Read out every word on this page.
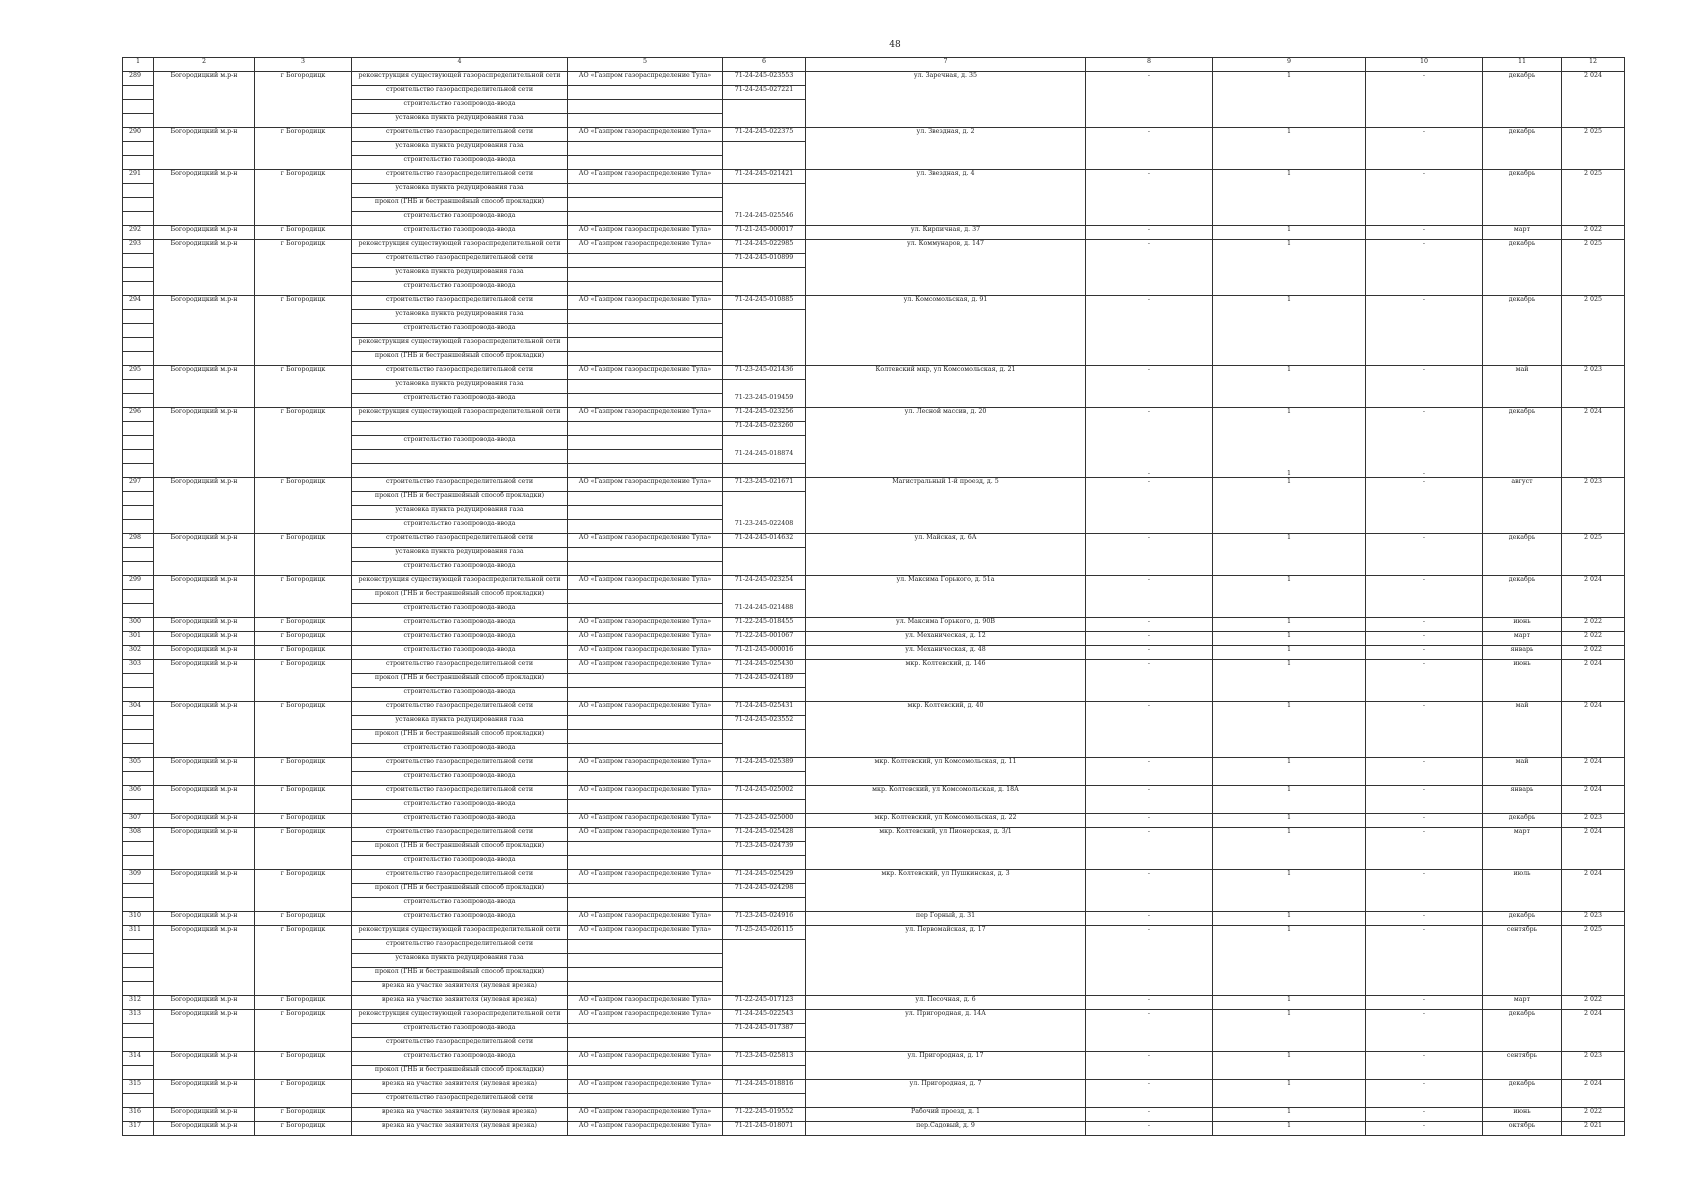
48
1	2	3	4	5	6	7	8	9	10	11	12
289	Богородицкий м.р-н	г Богородицк	реконструкция существующей газораспределительной сети	АО «Газпром газораспределение Тула»	71-24-245-023553	ул. Заречная, д. 35	-	1	-	декабрь	2 024
			строительство газораспределительной сети		71-24-245-027221						
			строительство газопровода-ввода								
			установка пункта редуцирования газа								
290	Богородицкий м.р-н	г Богородицк	строительство газораспределительной сети	АО «Газпром газораспределение Тула»	71-24-245-022375	ул. Звездная, д. 2	-	1	-	декабрь	2 025
			установка пункта редуцирования газа								
			строительство газопровода-ввода								
291	Богородицкий м.р-н	г Богородицк	строительство газораспределительной сети	АО «Газпром газораспределение Тула»	71-24-245-021421	ул. Звездная, д. 4	-	1	-	декабрь	2 025
			установка пункта редуцирования газа								
			прокол (ГНБ и бестраншейный способ прокладки)								
			строительство газопровода-ввода		71-24-245-025546						
292	Богородицкий м.р-н	г Богородицк	строительство газопровода-ввода	АО «Газпром газораспределение Тула»	71-21-245-000017	ул. Кирпичная, д. 37	-	1	-	март	2 022
293	Богородицкий м.р-н	г Богородицк	реконструкция существующей газораспределительной сети	АО «Газпром газораспределение Тула»	71-24-245-022985	ул. Коммунаров, д. 147	-	1	-	декабрь	2 025
			строительство газораспределительной сети		71-24-245-010899						
			установка пункта редуцирования газа								
			строительство газопровода-ввода								
294	Богородицкий м.р-н	г Богородицк	строительство газораспределительной сети	АО «Газпром газораспределение Тула»	71-24-245-010885	ул. Комсомольская, д. 91	-	1	-	декабрь	2 025
			установка пункта редуцирования газа								
			строительство газопровода-ввода								
			реконструкция существующей газораспределительной сети								
			прокол (ГНБ и бестраншейный способ прокладки)								
295	Богородицкий м.р-н	г Богородицк	строительство газораспределительной сети	АО «Газпром газораспределение Тула»	71-23-245-021436	Колтевский мкр, ул Комсомольская, д. 21	-	1	-	май	2 023
			установка пункта редуцирования газа								
			строительство газопровода-ввода		71-23-245-019459						
296	Богородицкий м.р-н	г Богородицк	реконструкция существующей газораспределительной сети	АО «Газпром газораспределение Тула»	71-24-245-023256	ул. Лесной массив, д. 20	-	1	-	декабрь	2 024
					71-24-245-023260						
			строительство газопровода-ввода								
					71-24-245-018874						
							-	1	-		
297	Богородицкий м.р-н	г Богородицк	строительство газораспределительной сети	АО «Газпром газораспределение Тула»	71-23-245-021671	Магистральный 1-й проезд, д. 5	-	1	-	август	2 023
			прокол (ГНБ и бестраншейный способ прокладки)								
			установка пункта редуцирования газа								
			строительство газопровода-ввода		71-23-245-022408						
298	Богородицкий м.р-н	г Богородицк	строительство газораспределительной сети	АО «Газпром газораспределение Тула»	71-24-245-014632	ул. Майская, д. 6А	-	1	-	декабрь	2 025
			установка пункта редуцирования газа								
			строительство газопровода-ввода								
299	Богородицкий м.р-н	г Богородицк	реконструкция существующей газораспределительной сети	АО «Газпром газораспределение Тула»	71-24-245-023254	ул. Максима Горького, д. 51а	-	1	-	декабрь	2 024
			прокол (ГНБ и бестраншейный способ прокладки)								
			строительство газопровода-ввода		71-24-245-021488						
300	Богородицкий м.р-н	г Богородицк	строительство газопровода-ввода	АО «Газпром газораспределение Тула»	71-22-245-018455	ул. Максима Горького, д. 90В	-	1	-	июнь	2 022
301	Богородицкий м.р-н	г Богородицк	строительство газопровода-ввода	АО «Газпром газораспределение Тула»	71-22-245-001067	ул. Механическая, д. 12	-	1	-	март	2 022
302	Богородицкий м.р-н	г Богородицк	строительство газопровода-ввода	АО «Газпром газораспределение Тула»	71-21-245-000016	ул. Механическая, д. 48	-	1	-	январь	2 022
303	Богородицкий м.р-н	г Богородицк	строительство газораспределительной сети	АО «Газпром газораспределение Тула»	71-24-245-025430	мкр. Колтевский, д. 146	-	1	-	июнь	2 024
			прокол (ГНБ и бестраншейный способ прокладки)		71-24-245-024189						
			строительство газопровода-ввода								
304	Богородицкий м.р-н	г Богородицк	строительство газораспределительной сети	АО «Газпром газораспределение Тула»	71-24-245-025431	мкр. Колтевский, д. 40	-	1	-	май	2 024
			установка пункта редуцирования газа		71-24-245-023552						
			прокол (ГНБ и бестраншейный способ прокладки)								
			строительство газопровода-ввода								
305	Богородицкий м.р-н	г Богородицк	строительство газораспределительной сети	АО «Газпром газораспределение Тула»	71-24-245-025389	мкр. Колтевский, ул Комсомольская, д. 11	-	1	-	май	2 024
			строительство газопровода-ввода								
306	Богородицкий м.р-н	г Богородицк	строительство газораспределительной сети	АО «Газпром газораспределение Тула»	71-24-245-025002	мкр. Колтевский, ул Комсомольская, д. 18А	-	1	-	январь	2 024
			строительство газопровода-ввода								
307	Богородицкий м.р-н	г Богородицк	строительство газопровода-ввода	АО «Газпром газораспределение Тула»	71-23-245-025000	мкр. Колтевский, ул Комсомольская, д. 22	-	1	-	декабрь	2 023
308	Богородицкий м.р-н	г Богородицк	строительство газораспределительной сети	АО «Газпром газораспределение Тула»	71-24-245-025428	мкр. Колтевский, ул Пионерская, д. 3/1	-	1	-	март	2 024
			прокол (ГНБ и бестраншейный способ прокладки)		71-23-245-024739						
			строительство газопровода-ввода								
309	Богородицкий м.р-н	г Богородицк	строительство газораспределительной сети	АО «Газпром газораспределение Тула»	71-24-245-025429	мкр. Колтевский, ул Пушкинская, д. 3	-	1	-	июль	2 024
			прокол (ГНБ и бестраншейный способ прокладки)		71-24-245-024298						
			строительство газопровода-ввода								
310	Богородицкий м.р-н	г Богородицк	строительство газопровода-ввода	АО «Газпром газораспределение Тула»	71-23-245-024916	пер Горный, д. 31	-	1	-	декабрь	2 023
311	Богородицкий м.р-н	г Богородицк	реконструкция существующей газораспределительной сети	АО «Газпром газораспределение Тула»	71-25-245-026115	ул. Первомайская, д. 17	-	1	-	сентябрь	2 025
			строительство газораспределительной сети								
			установка пункта редуцирования газа								
			прокол (ГНБ и бестраншейный способ прокладки)								
			врезка на участке заявителя (нулевая врезка)								
312	Богородицкий м.р-н	г Богородицк	врезка на участке заявителя (нулевая врезка)	АО «Газпром газораспределение Тула»	71-22-245-017123	ул. Песочная, д. 6	-	1	-	март	2 022
313	Богородицкий м.р-н	г Богородицк	реконструкция существующей газораспределительной сети	АО «Газпром газораспределение Тула»	71-24-245-022543	ул. Пригородная, д. 14А	-	1	-	декабрь	2 024
			строительство газопровода-ввода		71-24-245-017387						
			строительство газораспределительной сети								
314	Богородицкий м.р-н	г Богородицк	строительство газопровода-ввода	АО «Газпром газораспределение Тула»	71-23-245-025813	ул. Пригородная, д. 17	-	1	-	сентябрь	2 023
			прокол (ГНБ и бестраншейный способ прокладки)								
315	Богородицкий м.р-н	г Богородицк	врезка на участке заявителя (нулевая врезка)	АО «Газпром газораспределение Тула»	71-24-245-018816	ул. Пригородная, д. 7	-	1	-	декабрь	2 024
			строительство газораспределительной сети								
316	Богородицкий м.р-н	г Богородицк	врезка на участке заявителя (нулевая врезка)	АО «Газпром газораспределение Тула»	71-22-245-019552	Рабочий проезд, д. 1	-	1	-	июнь	2 022
317	Богородицкий м.р-н	г Богородицк	врезка на участке заявителя (нулевая врезка)	АО «Газпром газораспределение Тула»	71-21-245-018071	пер.Садовый, д. 9	-	1	-	октябрь	2 021
